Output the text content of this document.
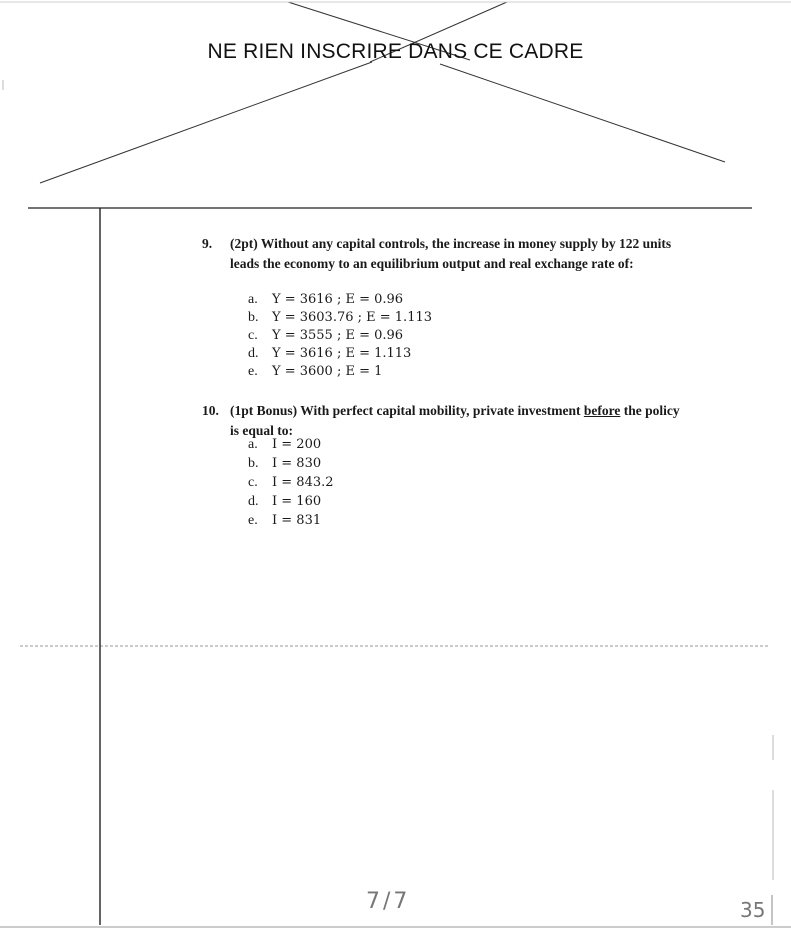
NE RIEN INSCRIRE DANS CE CADRE
9. (2pt) Without any capital controls, the increase in money supply by 122 units
leads the economy to an equilibrium output and real exchange rate of:
a. Y = 3616 ; E = 0.96
b. Y = 3603.76 ; E = 1.113
c. Y = 3555 ; E = 0.96
d. Y = 3616 ; E = 1.113
e. Y = 3600 ; E = 1
10. (1pt Bonus) With perfect capital mobility, private investment before the policy
is equal to:
a. I = 200
b. I = 830
c. I = 843.2
d. I = 160
e. I = 831
7/7	35
